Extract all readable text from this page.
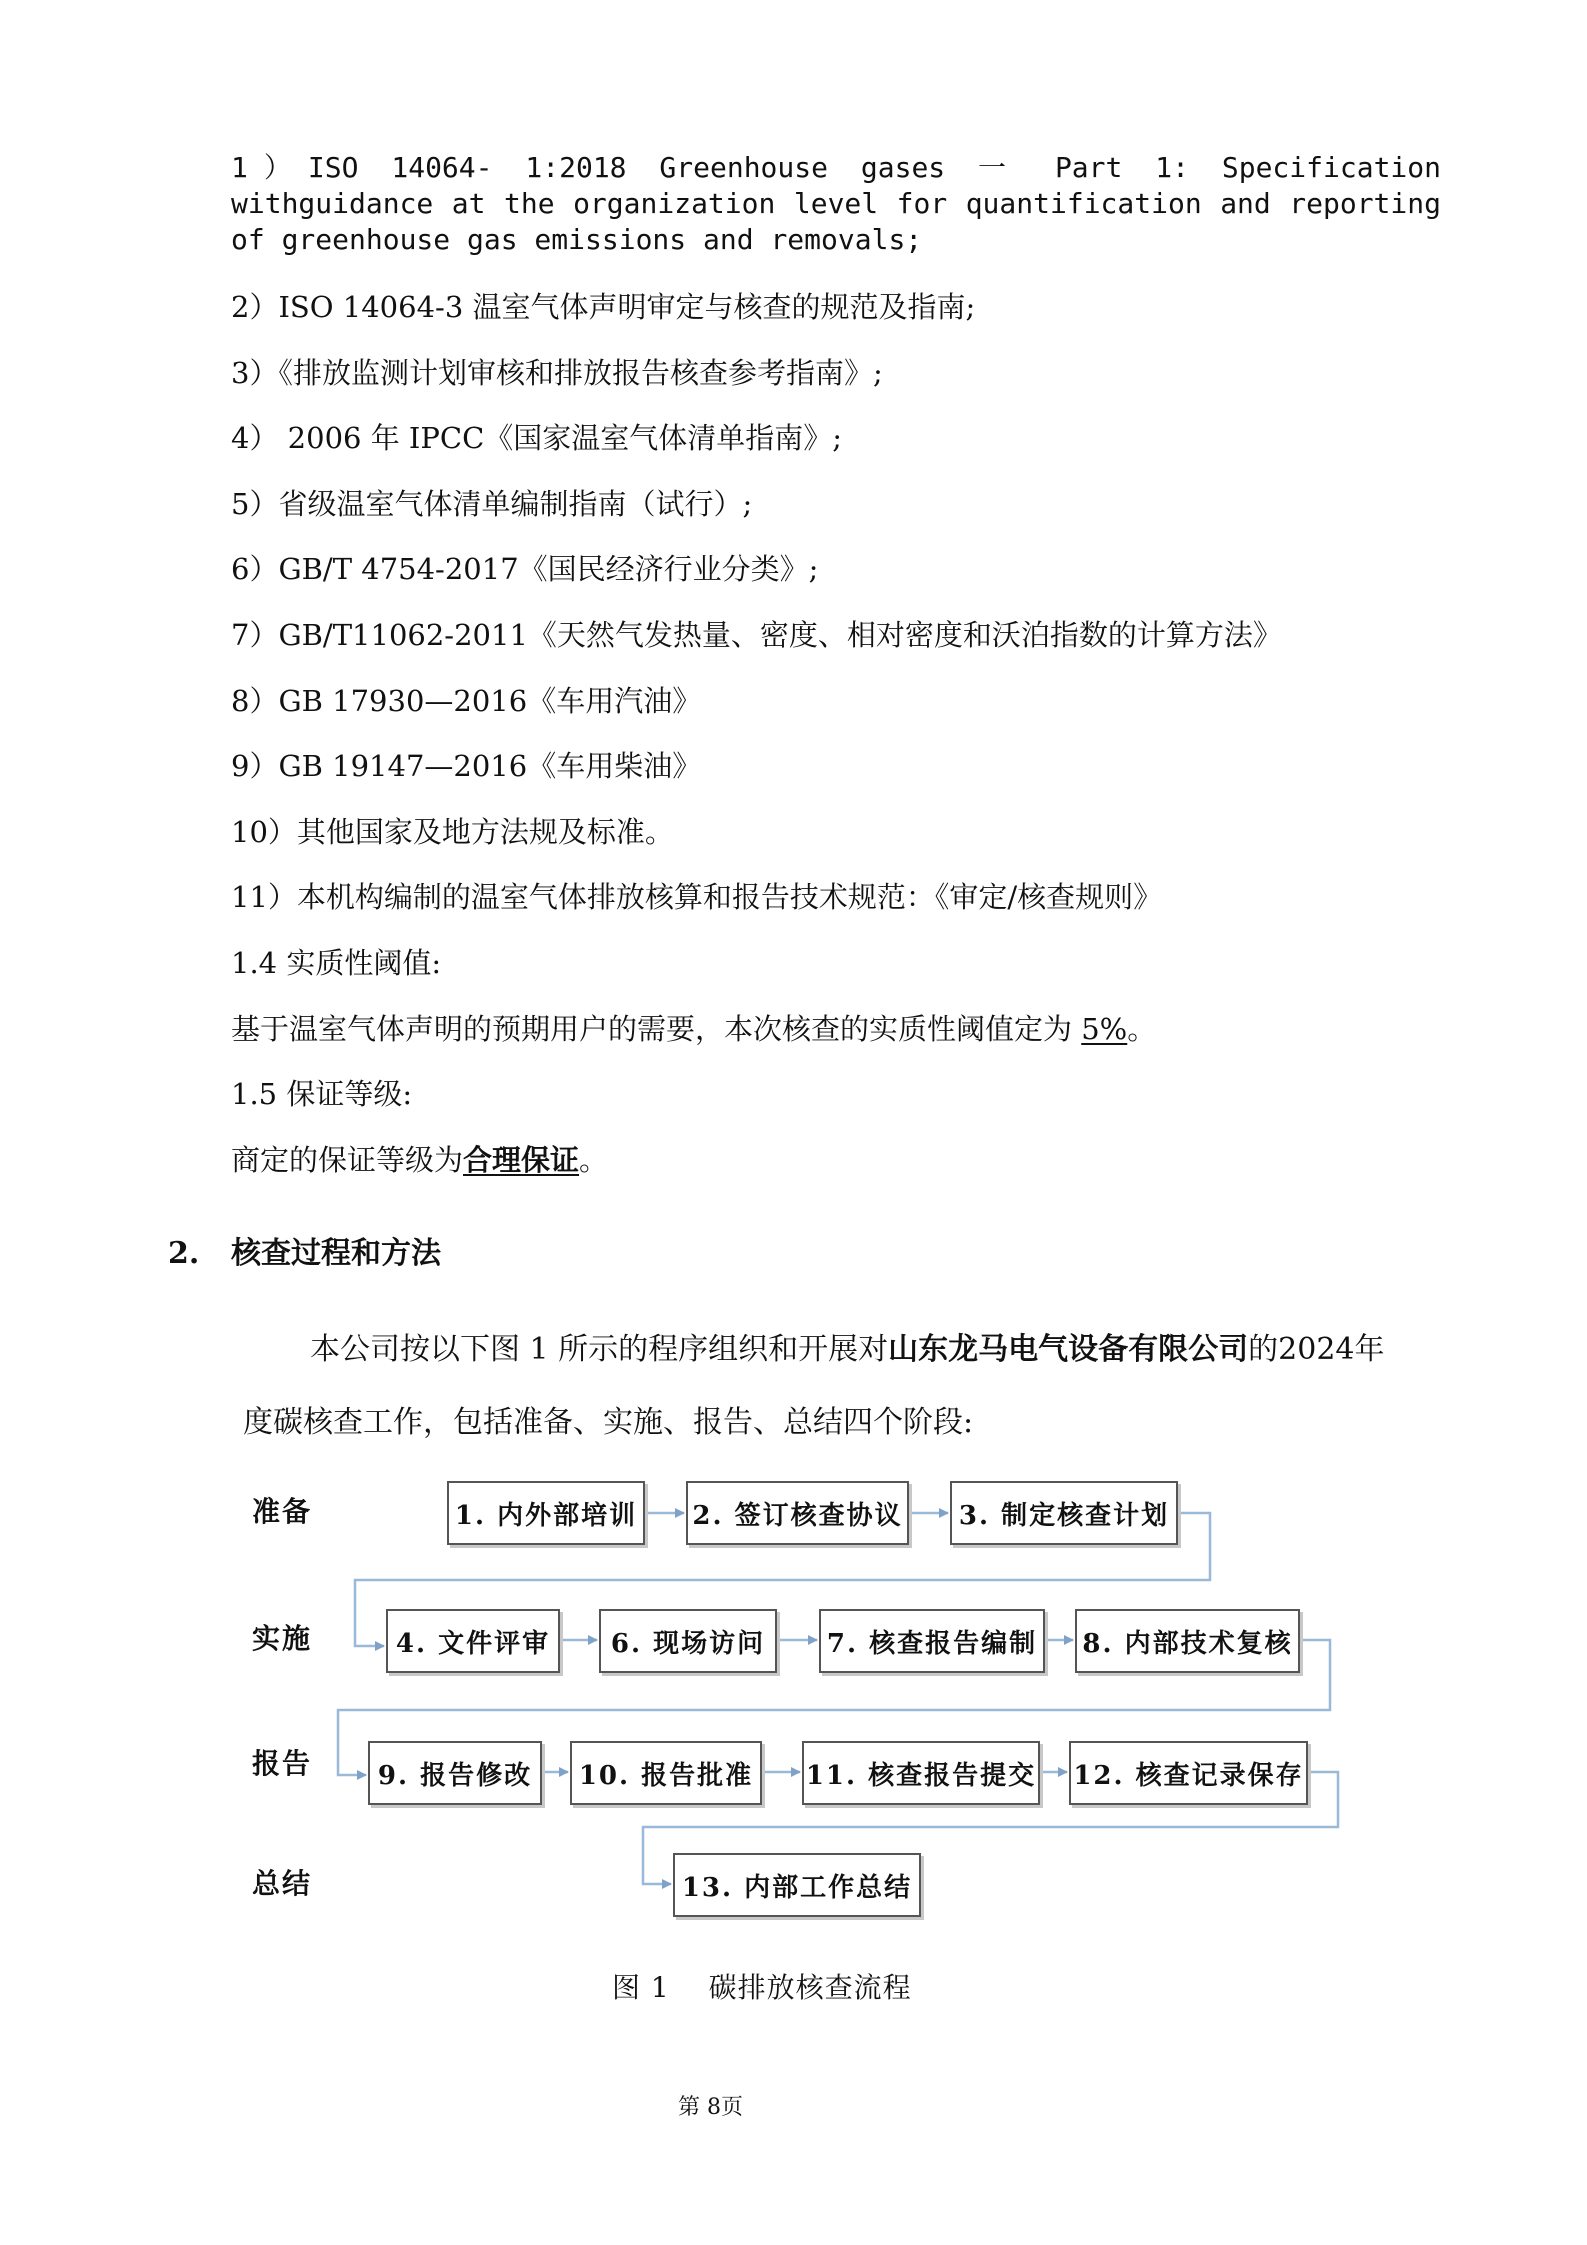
1）ISO 14064- 1:2018 Greenhouse gases 一 Part 1: Specification
withguidance at the organization level for quantification and reporting
of greenhouse gas emissions and removals;
2）ISO 14064-3 温室气体声明审定与核查的规范及指南;
3）《排放监测计划审核和排放报告核查参考指南》;
4） 2006 年 IPCC《国家温室气体清单指南》;
5）省级温室气体清单编制指南（试行）;
6）GB/T 4754-2017《国民经济行业分类》;
7）GB/T11062-2011《天然气发热量、密度、相对密度和沃泊指数的计算方法》
8）GB 17930—2016《车用汽油》
9）GB 19147—2016《车用柴油》
10）其他国家及地方法规及标准。
11）本机构编制的温室气体排放核算和报告技术规范：《审定/核查规则》
1.4 实质性阈值:
基于温室气体声明的预期用户的需要，本次核查的实质性阈值定为 5%。
1.5 保证等级:
商定的保证等级为合理保证。
2. 核查过程和方法
本公司按以下图 1 所示的程序组织和开展对山东龙马电气设备有限公司的2024年
度碳核查工作，包括准备、实施、报告、总结四个阶段:
准备
实施
报告
总结
1. 内外部培训	2. 签订核查协议	3. 制定核查计划
4. 文件评审	6. 现场访问	7. 核查报告编制	8. 内部技术复核
9. 报告修改	10. 报告批准	11. 核查报告提交 12. 核查记录保存
13. 内部工作总结
图 1　 碳排放核查流程
第 8页
